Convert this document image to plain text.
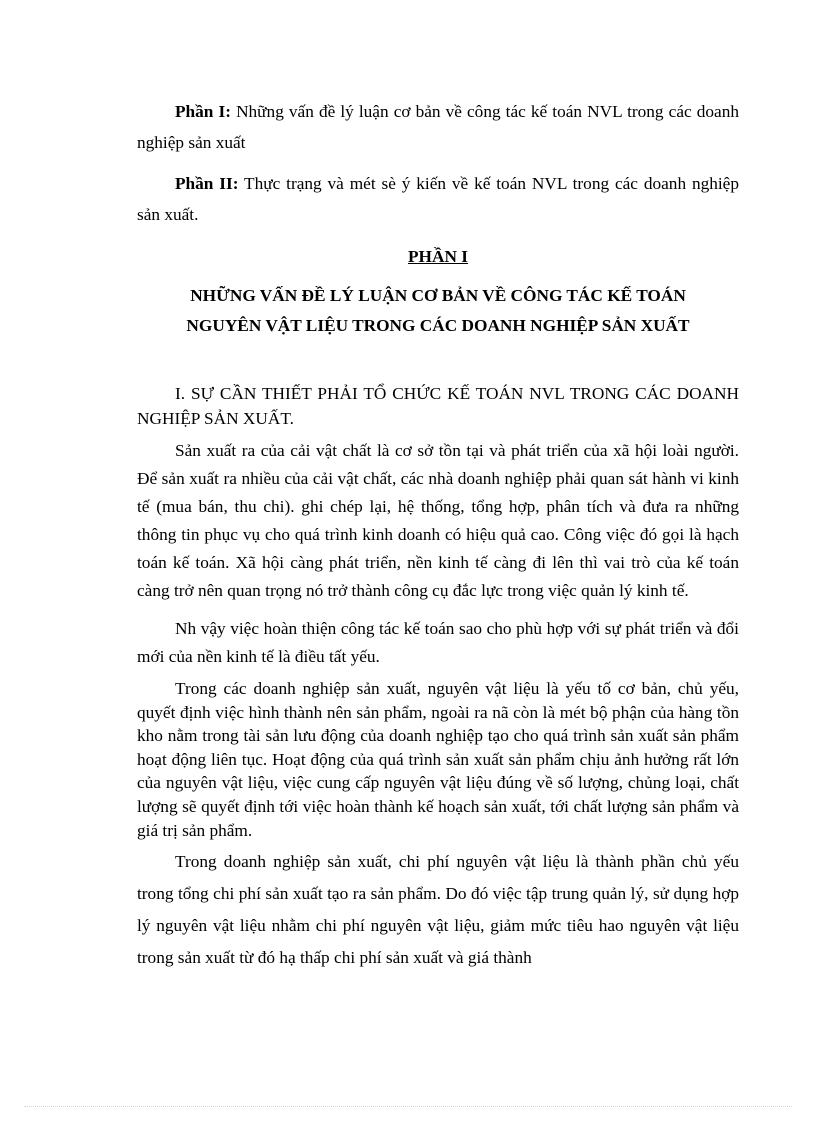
Phần I: Những vấn đề lý luận cơ bản về công tác kế toán NVL trong các doanh nghiệp sản xuất

Phần II: Thực trạng và mét sè ý kiến về kế toán NVL trong các doanh nghiệp sản xuất.

PHẦN I

NHỮNG VẤN ĐỀ LÝ LUẬN CƠ BẢN VỀ CÔNG TÁC KẾ TOÁN
NGUYÊN VẬT LIỆU TRONG CÁC DOANH NGHIỆP SẢN XUẤT

I. SỰ CẦN THIẾT PHẢI TỔ CHỨC KẾ TOÁN NVL TRONG CÁC DOANH NGHIỆP SẢN XUẤT.

Sản xuất ra của cải vật chất là cơ sở tồn tại và phát triển của xã hội loài người. Để sản xuất ra nhiều của cải vật chất, các nhà doanh nghiệp phải quan sát hành vi kinh tế (mua bán, thu chi). ghi chép lại, hệ thống, tổng hợp, phân tích và đưa ra những thông tin phục vụ cho quá trình kinh doanh có hiệu quả cao. Công việc đó gọi là hạch toán kế toán. Xã hội càng phát triển, nền kinh tế càng đi lên thì vai trò của kế toán càng trở nên quan trọng nó trở thành công cụ đắc lực trong việc quản lý kinh tế.

Nh vậy việc hoàn thiện công tác kế toán sao cho phù hợp với sự phát triển và đổi mới của nền kinh tế là điều tất yếu.

Trong các doanh nghiệp sản xuất, nguyên vật liệu là yếu tố cơ bản, chủ yếu, quyết định việc hình thành nên sản phẩm, ngoài ra nã còn là mét bộ phận của hàng tồn kho nằm trong tài sản lưu động của doanh nghiệp tạo cho quá trình sản xuất sản phẩm hoạt động liên tục. Hoạt động của quá trình sản xuất sản phẩm chịu ảnh hưởng rất lớn của nguyên vật liệu, việc cung cấp nguyên vật liệu đúng về số lượng, chủng loại, chất lượng sẽ quyết định tới việc hoàn thành kế hoạch sản xuất, tới chất lượng sản phẩm và giá trị sản phẩm.

Trong doanh nghiệp sản xuất, chi phí nguyên vật liệu là thành phần chủ yếu trong tổng chi phí sản xuất tạo ra sản phẩm. Do đó việc tập trung quản lý, sử dụng hợp lý nguyên vật liệu nhằm chi phí nguyên vật liệu, giảm mức tiêu hao nguyên vật liệu trong sản xuất từ đó hạ thấp chi phí sản xuất và giá thành
